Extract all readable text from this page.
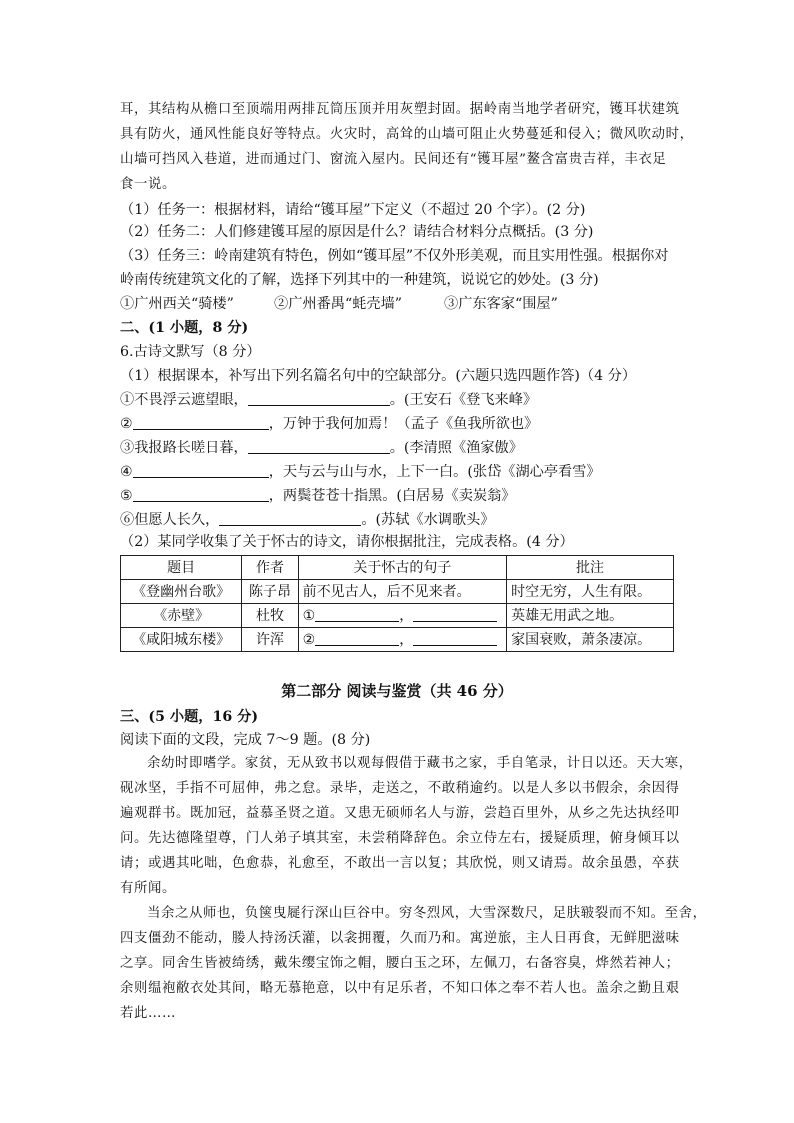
耳，其结构从檐口至顶端用两排瓦筒压顶并用灰塑封固。据岭南当地学者研究，镬耳状建筑
具有防火，通风性能良好等特点。火灾时，高耸的山墙可阻止火势蔓延和侵入；微风吹动时，
山墙可挡风入巷道，进而通过门、窗流入屋内。民间还有“镬耳屋”鳌含富贵吉祥，丰衣足
食一说。
（1）任务一：根据材料，请给“镬耳屋”下定义（不超过 20 个字）。(2 分)
（2）任务二：人们修建镬耳屋的原因是什么？请结合材料分点概括。(3 分)
（3）任务三：岭南建筑有特色，例如“镬耳屋”不仅外形美观，而且实用性强。根据你对
岭南传统建筑文化的了解，选择下列其中的一种建筑，说说它的妙处。(3 分)
①广州西关“骑楼”	②广州番禺“蚝壳墙”	③广东客家“围屋”
二、(1 小题，8 分)
6.古诗文默写（8 分）
（1）根据课本，补写出下列名篇名句中的空缺部分。(六题只选四题作答)（4 分）
①不畏浮云遮望眼，	。(王安石《登飞来峰》
②	，万钟于我何加焉！（孟子《鱼我所欲也》
③我报路长嗟日暮，	。(李清照《渔家傲》
④	，天与云与山与水，上下一白。(张岱《湖心亭看雪》
⑤	，两鬓苍苍十指黑。(白居易《卖炭翁》
⑥但愿人长久，	。(苏轼《水调歌头》
（2）某同学收集了关于怀古的诗文，请你根据批注，完成表格。(4 分）
题目	作者	关于怀古的句子	批注
《登幽州台歌》	陈子昂	前不见古人，后不见来者。	时空无穷，人生有限。
《赤壁》	杜牧	① ，	英雄无用武之地。
《咸阳城东楼》	许浑	② ，	家国衰败，萧条凄凉。
第二部分 阅读与鉴赏（共 46 分）
三、(5 小题，16 分)
阅读下面的文段，完成 7～9 题。(8 分)
余幼时即嗜学。家贫，无从致书以观每假借于藏书之家，手自笔录，计日以还。天大寒，
砚冰坚，手指不可屈伸，弗之怠。录毕，走送之，不敢稍逾约。以是人多以书假余，余因得
遍观群书。既加冠，益慕圣贤之道。又患无硕师名人与游，尝趋百里外，从乡之先达执经叩
问。先达德隆望尊，门人弟子填其室，未尝稍降辞色。余立侍左右，援疑质理，俯身倾耳以
请；或遇其叱咄，色愈恭，礼愈至，不敢出一言以复；其欣悦，则又请焉。故余虽愚，卒获
有所闻。
当余之从师也，负箧曳屣行深山巨谷中。穷冬烈风，大雪深数尺，足肤皲裂而不知。至舍，
四支僵劲不能动，媵人持汤沃灌，以衾拥覆，久而乃和。寓逆旅，主人日再食，无鲜肥滋味
之享。同舍生皆被绮绣，戴朱缨宝饰之帽，腰白玉之环，左佩刀，右备容臭，烨然若神人；
余则缊袍敝衣处其间，略无慕艳意，以中有足乐者，不知口体之奉不若人也。盖余之勤且艰
若此……
